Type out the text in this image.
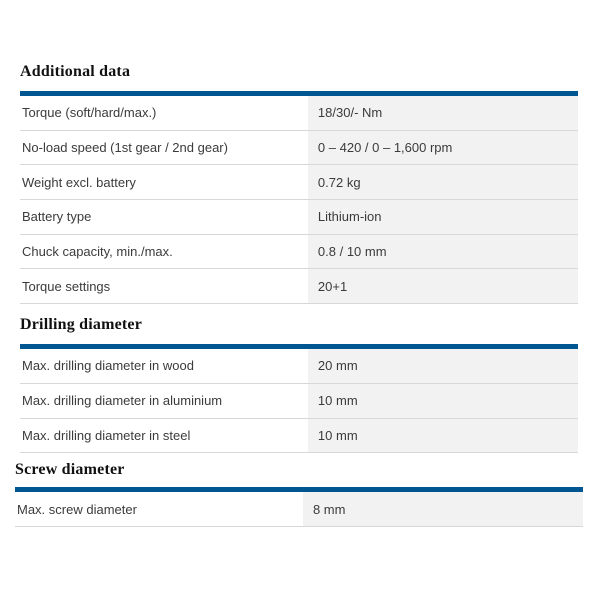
Additional data
Torque (soft/hard/max.)	18/30/- Nm
No-load speed (1st gear / 2nd gear)	0 – 420 / 0 – 1,600 rpm
Weight excl. battery	0.72 kg
Battery type	Lithium-ion
Chuck capacity, min./max.	0.8 / 10 mm
Torque settings	20+1
Drilling diameter
Max. drilling diameter in wood	20 mm
Max. drilling diameter in aluminium	10 mm
Max. drilling diameter in steel	10 mm
Screw diameter
Max. screw diameter	8 mm
